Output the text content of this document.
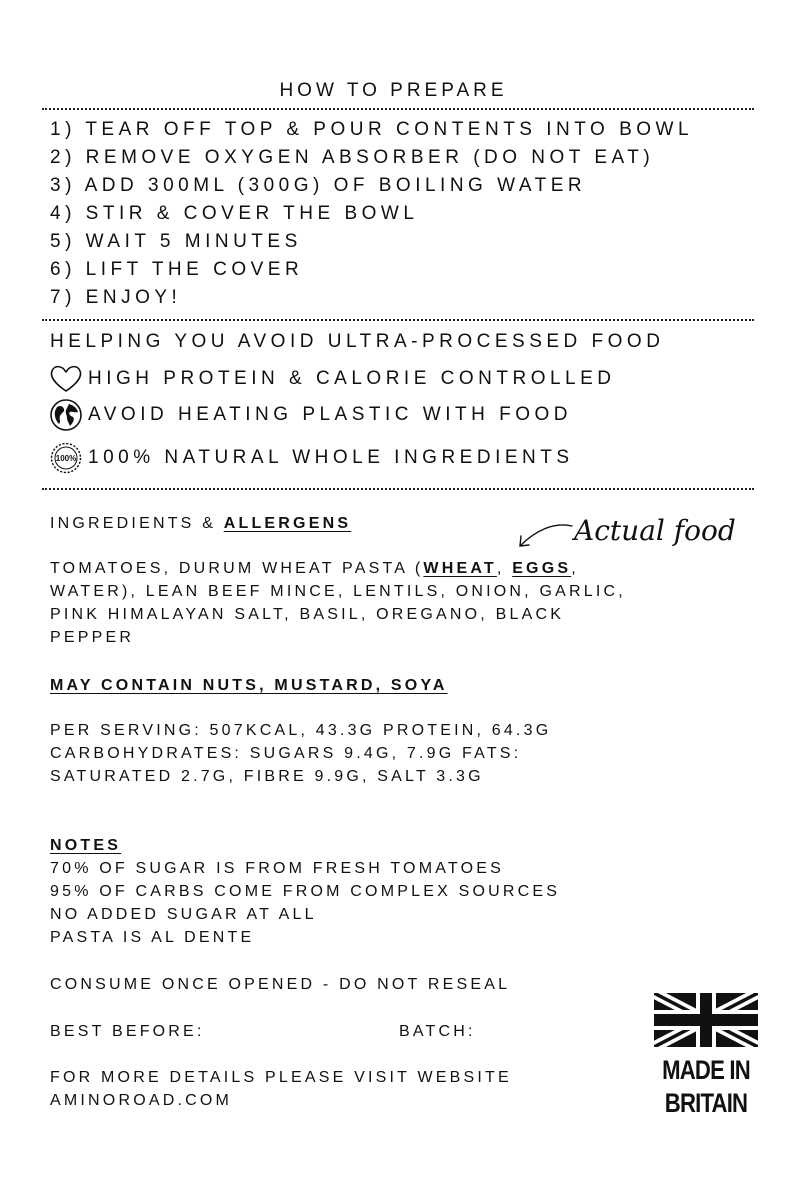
HOW TO PREPARE
1) TEAR OFF TOP & POUR CONTENTS INTO BOWL
2) REMOVE OXYGEN ABSORBER (DO NOT EAT)
3) ADD 300ML (300G) OF BOILING WATER
4) STIR & COVER THE BOWL
5) WAIT 5 MINUTES
6) LIFT THE COVER
7) ENJOY!
HELPING YOU AVOID ULTRA-PROCESSED FOOD
HIGH PROTEIN & CALORIE CONTROLLED
AVOID HEATING PLASTIC WITH FOOD
100% 100% NATURAL WHOLE INGREDIENTS
INGREDIENTS & ALLERGENS	Actual food
TOMATOES, DURUM WHEAT PASTA (WHEAT, EGGS,
WATER), LEAN BEEF MINCE, LENTILS, ONION, GARLIC,
PINK HIMALAYAN SALT, BASIL, OREGANO, BLACK
PEPPER
MAY CONTAIN NUTS, MUSTARD, SOYA
PER SERVING: 507KCAL, 43.3G PROTEIN, 64.3G
CARBOHYDRATES: SUGARS 9.4G, 7.9G FATS:
SATURATED 2.7G, FIBRE 9.9G, SALT 3.3G
NOTES
70% OF SUGAR IS FROM FRESH TOMATOES
95% OF CARBS COME FROM COMPLEX SOURCES
NO ADDED SUGAR AT ALL
PASTA IS AL DENTE
CONSUME ONCE OPENED - DO NOT RESEAL
BEST BEFORE:	BATCH:
FOR MORE DETAILS PLEASE VISIT WEBSITE
AMINOROAD.COM
MADE IN
BRITAIN
